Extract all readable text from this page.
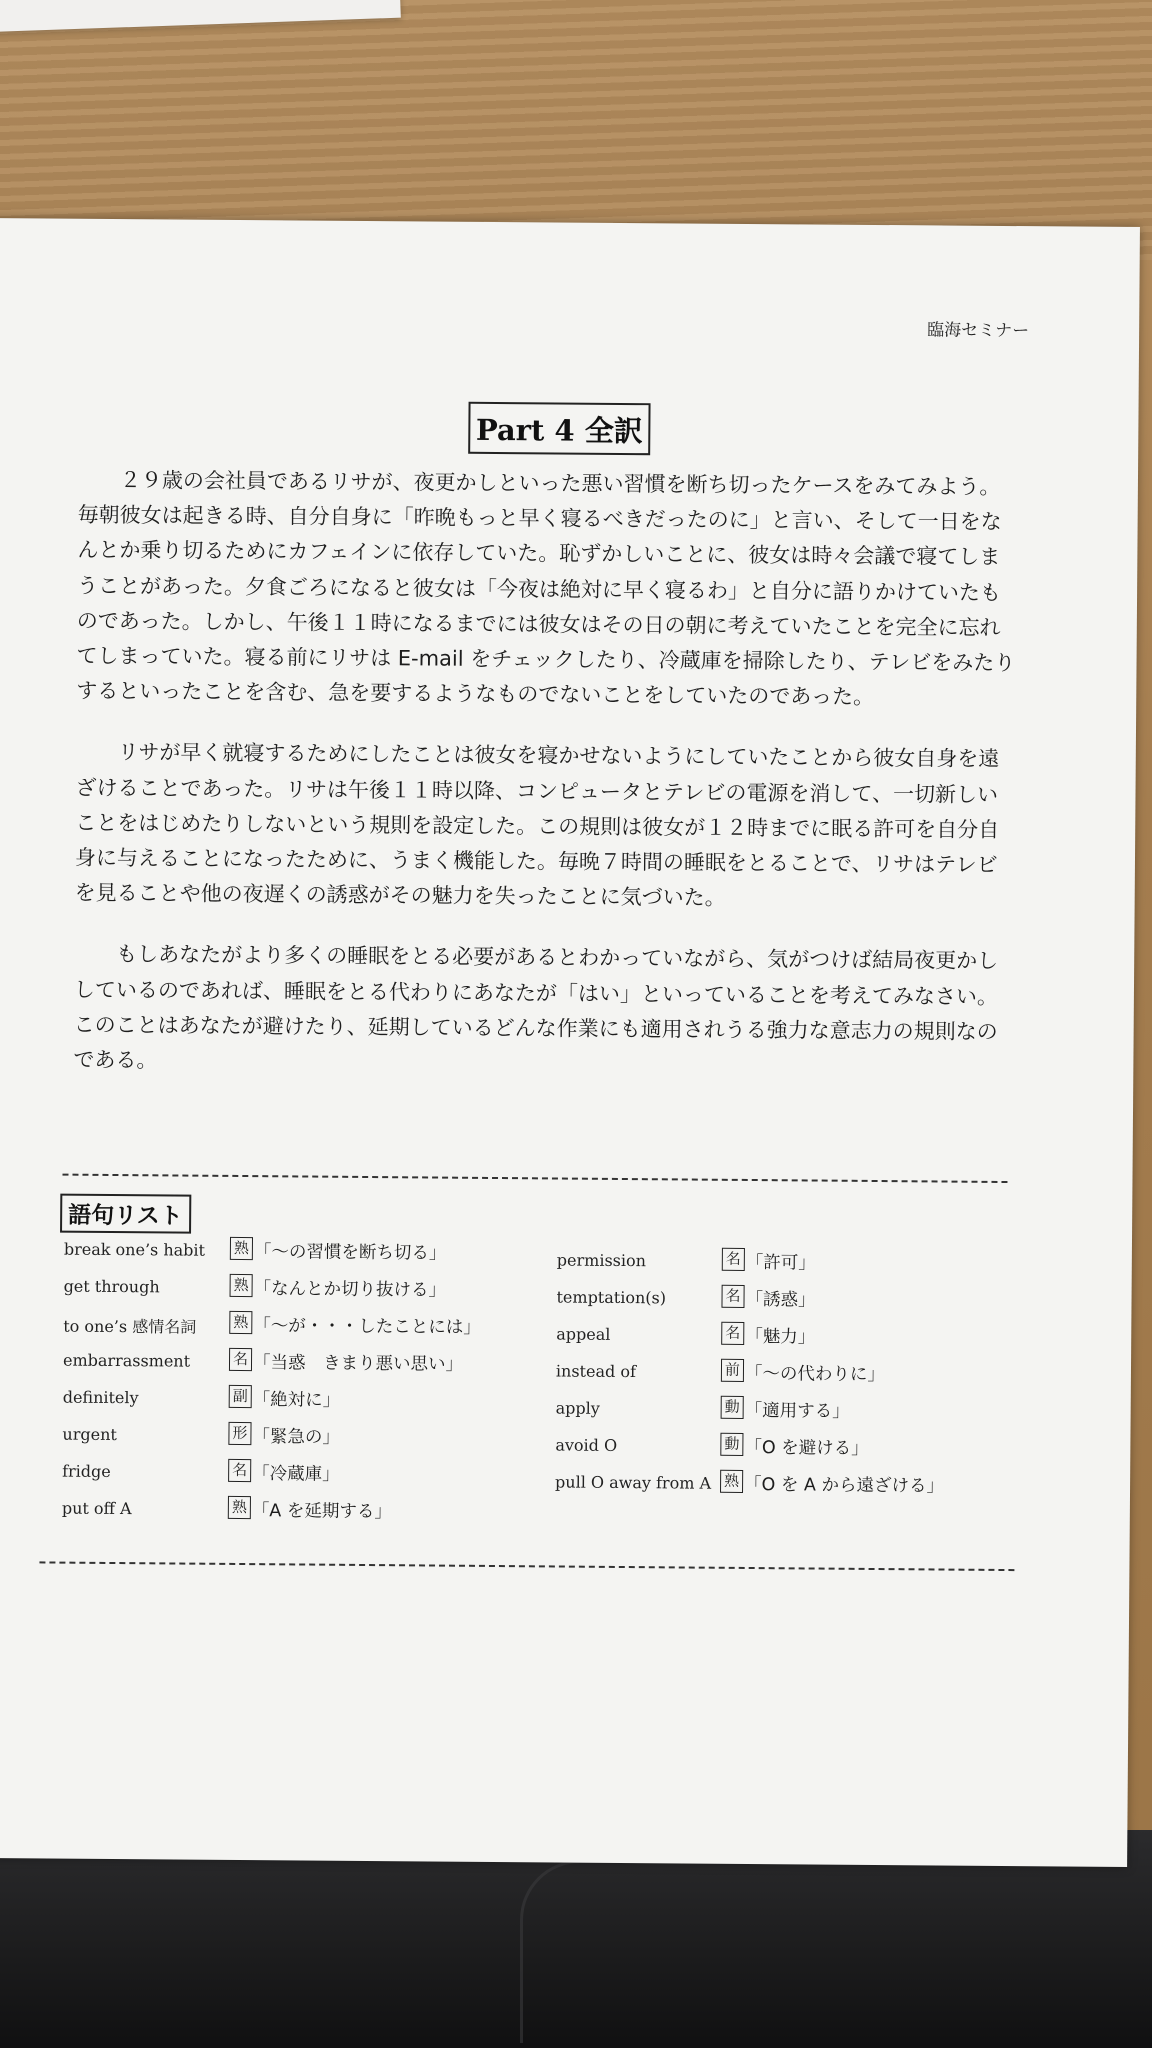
臨海セミナー
Part 4 全訳

２９歳の会社員であるリサが、夜更かしといった悪い習慣を断ち切ったケースをみてみよう。毎朝彼女は起きる時、自分自身に「昨晩もっと早く寝るべきだったのに」と言い、そして一日をなんとか乗り切るためにカフェインに依存していた。恥ずかしいことに、彼女は時々会議で寝てしまうことがあった。夕食ごろになると彼女は「今夜は絶対に早く寝るわ」と自分に語りかけていたものであった。しかし、午後１１時になるまでには彼女はその日の朝に考えていたことを完全に忘れてしまっていた。寝る前にリサは E-mail をチェックしたり、冷蔵庫を掃除したり、テレビをみたりするといったことを含む、急を要するようなものでないことをしていたのであった。

リサが早く就寝するためにしたことは彼女を寝かせないようにしていたことから彼女自身を遠ざけることであった。リサは午後１１時以降、コンピュータとテレビの電源を消して、一切新しいことをはじめたりしないという規則を設定した。この規則は彼女が１２時までに眠る許可を自分自身に与えることになったために、うまく機能した。毎晩７時間の睡眠をとることで、リサはテレビを見ることや他の夜遅くの誘惑がその魅力を失ったことに気づいた。

もしあなたがより多くの睡眠をとる必要があるとわかっていながら、気がつけば結局夜更かししているのであれば、睡眠をとる代わりにあなたが「はい」といっていることを考えてみなさい。このことはあなたが避けたり、延期しているどんな作業にも適用されうる強力な意志力の規則なのである。

語句リスト
break one’s habit 熟 「～の習慣を断ち切る」
get through	熟 「なんとか切り抜ける」
to one’s 感情名詞 熟 「～が・・・したことには」
embarrassment	名 「当惑　きまり悪い思い」
definitely	副 「絶対に」
urgent	形 「緊急の」
fridge	名 「冷蔵庫」
put off A	熟 「A を延期する」
permission	名 「許可」
temptation(s)	名 「誘惑」
appeal	名 「魅力」
instead of	前 「～の代わりに」
apply	動 「適用する」
avoid O	動 「O を避ける」
pull O away from A 熟 「O を A から遠ざける」
